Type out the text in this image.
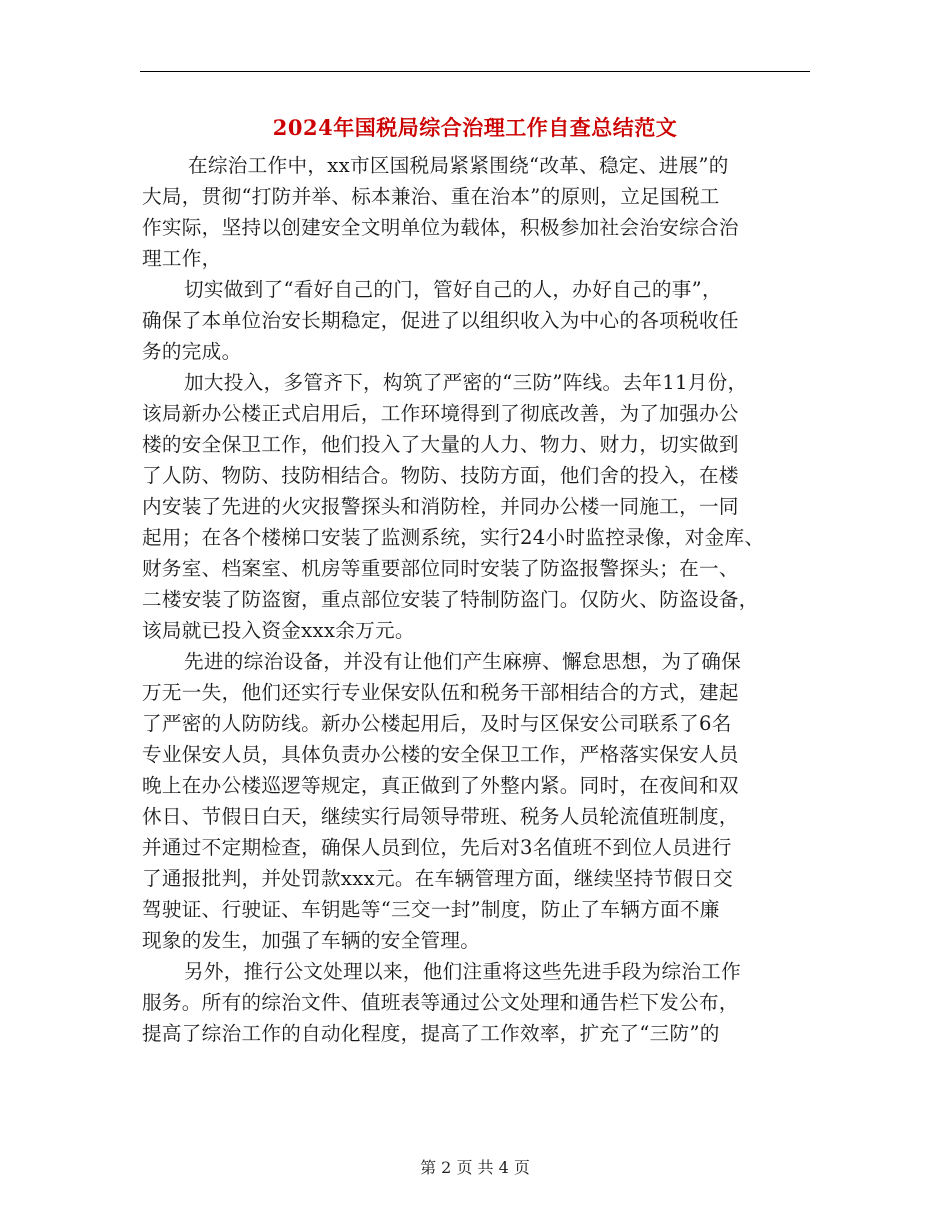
2024年国税局综合治理工作自查总结范文
在综治工作中，xx市区国税局紧紧围绕“改革、稳定、进展”的
大局，贯彻“打防并举、标本兼治、重在治本”的原则，立足国税工
作实际，坚持以创建安全文明单位为载体，积极参加社会治安综合治
理工作，
切实做到了“看好自己的门，管好自己的人，办好自己的事”，
确保了本单位治安长期稳定，促进了以组织收入为中心的各项税收任
务的完成。
加大投入，多管齐下，构筑了严密的“三防”阵线。去年11月份，
该局新办公楼正式启用后，工作环境得到了彻底改善，为了加强办公
楼的安全保卫工作，他们投入了大量的人力、物力、财力，切实做到
了人防、物防、技防相结合。物防、技防方面，他们舍的投入，在楼
内安装了先进的火灾报警探头和消防栓，并同办公楼一同施工，一同
起用；在各个楼梯口安装了监测系统，实行24小时监控录像，对金库、
财务室、档案室、机房等重要部位同时安装了防盗报警探头；在一、
二楼安装了防盗窗，重点部位安装了特制防盗门。仅防火、防盗设备，
该局就已投入资金xxx余万元。
先进的综治设备，并没有让他们产生麻痹、懈怠思想，为了确保
万无一失，他们还实行专业保安队伍和税务干部相结合的方式，建起
了严密的人防防线。新办公楼起用后，及时与区保安公司联系了6名
专业保安人员，具体负责办公楼的安全保卫工作，严格落实保安人员
晚上在办公楼巡逻等规定，真正做到了外整内紧。同时，在夜间和双
休日、节假日白天，继续实行局领导带班、税务人员轮流值班制度，
并通过不定期检查，确保人员到位，先后对3名值班不到位人员进行
了通报批判，并处罚款xxx元。在车辆管理方面，继续坚持节假日交
驾驶证、行驶证、车钥匙等“三交一封”制度，防止了车辆方面不廉
现象的发生，加强了车辆的安全管理。
另外，推行公文处理以来，他们注重将这些先进手段为综治工作
服务。所有的综治文件、值班表等通过公文处理和通告栏下发公布，
提高了综治工作的自动化程度，提高了工作效率，扩充了“三防”的
第 2 页 共 4 页
